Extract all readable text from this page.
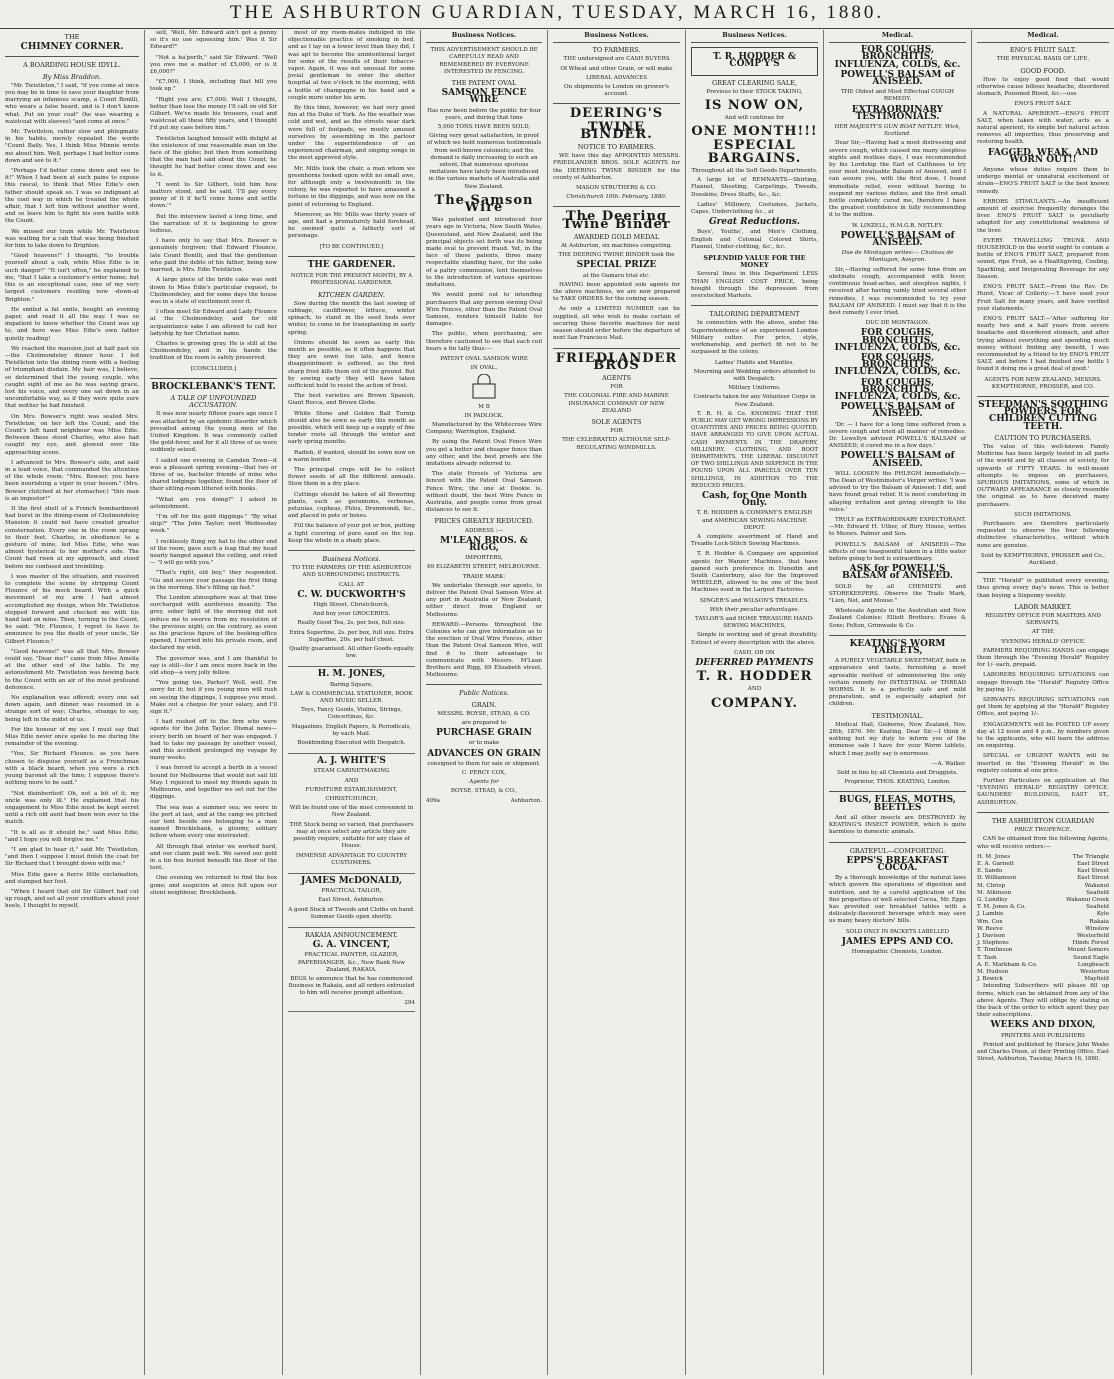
THE ASHBURTON GUARDIAN, TUESDAY, MARCH 16, 1880.
THE
CHIMNEY CORNER.
A BOARDING HOUSE IDYLL.
By Miss Braddon.

"Mr. Twistleton," I said, "if you come at once you may be in time to save your daughter from marrying an infamous scamp, a Count Bonilli, who wears a false beard, and is I don't know what. Put on your coat" (he was wearing a waistcoat with sleeves) "and come at once."

Mr. Twistleton, rather slow and phlegmatic in his habits, merely repeated the words "Count Baily. Yes, I think Miss Minnie wrote me about him. Well, perhaps I had better come down and see to it."

"Perhaps I'd better come down and see to it!" When I had been at such pains to expose this rascal, to think that Miss Edie's own father should speak so. I was so indignant at the cool way in which he treated the whole affair, that I left him without another word, and so leave him to fight his own battle with the Count.

We missed our train while Mr. Twistleton was waiting for a cab that was being finished for him to take down to Brighton.

"Good heavens!" I thought, "to trouble yourself about a cab, while Miss Edie is in such danger!" "It isn't often," he explained to me, "that I take a customer's order home; but this is an exceptional case, one of my very largest customers residing now -down-at Brighton."

He smiled a fat smile, bought an evening paper, and read it all the way. I was so impatient to know whether the Count was up to, and here was Miss Edie's own father quietly reading!

We reached the mansion just at half past six—the Cholmondeley dinner hour. I led Twistleton into the dining room with a feeling of triumphant disdain. My hair was, I believe, so determined that the young couple, who caught sight of me as he was saying grace, lost his voice, and every one sat down in an uncomfortable way, as if they were quite sure that neither he had finished.

On Mrs. Bowser's right was seated Mrs. Twistleton, on her left the Count; and the Count's left hand neighbour was Miss Edie. Between these stood Charles, who also had caught my eye, and glowed over the approaching scene.

I advanced to Mrs. Bowser's side, and said in a loud voice, that commanded the attention of the whole room: "Mrs. Bowser, you have been nourishing a viper in your bosom." (Mrs. Bowser clutched at her stomacher.) "this man is an impostor!"

If the first shell of a French bombardment had burst in the dining-room of Cholmondeley Mansion it could not have created greater consternation. Every one in the room sprang to their feet. Charles, in obedience to a gesture of mine, led Miss Edie, who was almost hysterical to her mother's side. The Count had risen at my approach, and stood before me confused and trembling.

I was master of the situation, and resolved to complete the scene by stripping Count Flounce of his mock beard. With a quick movement of my arm I had almost accomplished my design, when Mr. Twistleton stepped forward and checked me with his hand laid on mine. Then, turning to the Count, he said: "Mr. Flounce, I regret to have to announce to you the death of your uncle, Sir Gilbert Flounce."

"Good heavens!" was all that Mrs. Bowser could say. "Dear me!" came from Miss Amelia at the other end of the table. To my astonishment Mr. Twistleton was bowing back to the Count with an air of the most profound deference.

No explanation was offered; every one sat down again, and dinner was resumed in a strange sort of way; Charles, strange to say, being left in the midst of us.

For the honour of my sex I must say that Miss Edie never once spoke to me during the remainder of the evening.

"You, Sir Richard Flounce, as you have chosen to disguise yourself as a Frenchman with a black beard, when you were a rich young baronet all the time; I suppose there's nothing more to be said."

"Not disinherited! Oh, not a bit of it; my uncle was only ill." He explained that his engagement to Miss Edie must be kept secret until a rich old aunt had been won over to the match.

"It is all as it should be," said Miss Edie, "and I hope you will forgive me."

"I am glad to hear it," said Mr. Twistleton, "and then I suppose I must finish the coat for Sir Richard that I brought down with me."

Miss Edie gave a fierce little exclamation, and stamped her foot.

"When I heard that old Sir Gilbert had cut up rough, and set all your creditors about your heels, I thought to myself,

self, 'Well, Mr. Edward ain't got a penny so it's no use squeezing him.' Was it Sir Edward?"

"Not a ha'porth," said Sir Edward. "Well you owe me a matter of £5,000, or is it £6,000?"

"£7,000, I think, including that bill you took up."

"Right you are; £7,000. Well I thought, better than lose the money I'll call on old Sir Gilbert. We've made his trousers, coat and waistcoat all these fifty years, and I thought I'd put my case before him."

Twistleton laughed himself with delight at the existence of one reasonable man on the face of the globe; but then from something that the man had said about the Count, he thought he had better come down and see to it.

"I went to Sir Gilbert, told him how matters stood, and he said, 'I'll pay every penny of it if he'll come home and settle down.'"

But the interview lasted a long time, and the narration of it is beginning to grow tedious.

I have only to say that Mrs. Bowser is genuinely forgiven; that Edward Flounce, late Count Bonilli, and that the gentleman who paid the debts of his father, being now married, is Mrs. Edie Twistleton.

A large piece of the bride cake was sent down to Miss Edie's particular request, to Cholmondeley, and for some days the house was in a state of excitement over it.

I often meet Sir Edward and Lady Flounce at the Cholmondeley, and for old acquaintance sake I am allowed to call her ladyship by her Christian name.

Charles is growing gray. He is still at the Cholmondeley, and in his hands the tradition of the room is safely preserved.

[CONCLUDED.]
BROCKLEBANK'S TENT.
A TALE OF UNFOUNDED ACCUSATION.

It was now nearly fifteen years ago since I was attacked by an epidemic disorder which prevailed among the young men of the United Kingdom. It was commonly called the gold-fever, and for it all three of us were suddenly seized.

I sailed one evening in Camden Town—it was a pleasant spring evening—that two or three of us, bachelor friends of mine who shared lodgings together, found the floor of their sitting-room littered with books.

"What are you doing?" I asked in astonishment.

"I'm off for the gold diggings." "By what ship?" "The John Taylor; next Wednesday week."

I recklessly flung my hat to the other end of the room, gave such a leap that my head nearly banged against the ceiling, and cried— "I will go with you."

"That's right, old boy," they responded. "Go and secure your passage the first thing in the morning. She's filling up fast."

The London atmosphere was at that time surcharged with auriferous insanity. The grey, sober light of the morning did not induce me to swerve from my resolution of the previous night; on the contrary, as soon as the gracious figure of the booking-office opened, I hurried into his private room, and declared my wish.

The governor was, and I am thankful to say is still—for I am once more back in the old shop—a very jolly fellow.

"You going too, Parker? Well, well, I'm sorry for it; but if you young men will rush on seeing the diggings, I suppose you must. Make out a cheque for your salary, and I'll sign it."

I had rushed off to the firm who were agents for the John Taylor. Dismal news—every berth on board of her was engaged. I had to take my passage by another vessel, and this accident prolonged my voyage by many weeks.

I was forced to accept a berth in a vessel bound for Melbourne that would not sail till May. I rejoiced to meet my friends again in Melbourne, and together we set out for the diggings.

The sea was a summer sea; we were in the port at last, and at the camp we pitched our tent beside one belonging to a man named Brocklebank, a gloomy, solitary fellow whom every one mistrusted.

All through that winter we worked hard, and our claim paid well. We saved our gold in a tin box buried beneath the floor of the tent.

One evening we returned to find the box gone; and suspicion at once fell upon our silent neighbour, Brocklebank.

most of my room-mates indulged in the objectionable practice of smoking in bed, and as I lay on a lower level than they did, I was apt to become the unintentional target for some of the results of their tobacco-vapor. Again, it was not unusual for some jovial gentleman to enter the shelter hospital at two o'clock in the morning, with a bottle of champagne in his hand and a couple more under his arm.

By this time, however, we had very good fun at the Duke of York. As the weather was cold and wet, and as the streets near dark were full of footpads, we mostly amused ourselves by assembling in the parlour under the superintendence of an experienced chairman, and singing songs in the most approved style.

Mr. Mills took the chair, a man whom we greenhorns looked upon with no small awe, for although only a twelvemonth in the colony, he was reported to have amassed a fortune in the diggings, and was now on the point of returning to England.

Moreover, as Mr. Mills was thirty years of age, and had a prematurely bald forehead, he seemed quite a fatherly sort of personage.

[TO BE CONTINUED.]
THE GARDENER.
NOTICE FOR THE PRESENT MONTH, BY A PROFESSIONAL GARDENER.
KITCHEN GARDEN.

Sow during the month the last sowing of cabbage, cauliflower, lettuce, winter spinach, to stand in the seed beds over winter, to come in for transplanting in early spring.

Onions should be sown as early this month as possible, as it often happens that they are sown too late, and hence disappointment is suffered, as the first sharp frost kills them out of the ground. But by sowing early they will have taken sufficient hold to resist the action of frost.

The best varieties are Brown Spanish, Giant Rocca, and Brown Globe.

White Stone and Golden Ball Turnip should also be sown as early this month as possible, which will keep up a supply of fine tender roots all through the winter and early spring months.

Radish, if wanted, should be sown now on a warm border.

The principal crops will be to collect flower seeds of all the different annuals. Stow them in a dry place.

Cuttings should be taken of all flowering plants, such as geraniums, verbenas, petunias, cupheas, Phlox, Drummondi, &c., and placed in pots or boxes.

Fill the balance of your pot or box, putting a light covering of pure sand on the top. Keep the whole in a shady place.

Business Notices.
TO THE FARMERS OF THE ASHBURTON AND SURROUNDING DISTRICTS.
CALL AT
C. W. DUCKWORTH'S
High Street, Christchurch,
And buy your GROCERIES.
Really Good Tea, 2s. per box, full size.
Extra Superfine, 2s. per box, full size. Extra Superfine, 20s. per half chest.
Quality guaranteed. All other Goods equally low.
H. M. JONES,
Baring Square,
LAW & COMMERCIAL STATIONER, BOOK AND MUSIC SELLER.
Toys, Fancy Goods, Violins, Strings, Concertinas, &c.
Magazines, English Papers, & Periodicals, by each Mail.
Bookbinding Executed with Despatch.
A. J. WHITE'S
STEAM CABINETMAKING
AND
FURNITURE ESTABLISHMENT,
CHRISTCHURCH,
Will be found one of the most convenient in New Zealand.
THE Stock being so varied, that purchasers may at once select any article they are possibly require, suitable for any class of House.
IMMENSE ADVANTAGE TO COUNTRY CUSTOMERS.
JAMES McDONALD,
PRACTICAL TAILOR,
East Street, Ashburton.
A good Stock of Tweeds and Cloths on hand. Summer Goods open shortly.
RAKAIA ANNOUNCEMENT.
G. A. VINCENT,
PRACTICAL PAINTER, GLAZIER, PAPERHANGER, &c., New Bank New Zealand, RAKAIA.
BEGS to announce that he has commenced Business in Rakaia, and all orders entrusted to him will receive prompt attention.
294
Business Notices.
THIS ADVERTISEMENT SHOULD BE CAREFULLY READ AND REMEMBERED BY EVERYONE INTERESTED IN FENCING.
THE PATENT OVAL
SAMSON FENCE WIRE
Has now been before the public for four years, and during that time
5,000 TONS HAVE BEEN SOLD,
Giving very great satisfaction, in proof of which we hold numerous testimonials from well-known colonists; and the demand is daily increasing to such an extent, that numerous spurious imitations have lately been introduced in the various markets of Australia and New Zealand.
The Samson Wire

Was patented and introduced four years ago in Victoria, New South Wales, Queensland, and New Zealand; and the principal objects set forth was its being made oval to prevent fraud. Yet, in the face of these patents, three many respectable standing have, for the sake of a paltry commission, lent themselves to the introduction of various spurious imitations.

We would point out to intending purchasers that any person owning Oval Wire Fences, other than the Patent Oval Samson, renders himself liable for damages.

The public, when purchasing, are therefore cautioned to see that each coil bears a tin tally thus:—

PATENT OVAL SAMSON WIRE
IN OVAL.
M B
IN PADLOCK.

Manufactured by the Whitecross Wire Company, Warrington, England.

By using the Patent Oval Fence Wire you get a better and cheaper fence than any other, and the best proofs are the imitations already referred to.

The state Forests of Victoria are fenced with the Patent Oval Samson Fence Wire; the one at Dookie is, without doubt, the best Wire Fence in Australia, and people come from great distances to see it.

PRICES GREATLY REDUCED.
ADDRESS :—
M'LEAN BROS. & RIGG,
IMPORTERS,
69 ELIZABETH STREET, MELBOURNE.
TRADE MARK:

We undertake through our agents, to deliver the Patent Oval Samson Wire at any port in Australia or New Zealand, either direct from England or Melbourne.

REWARD.—Persons throughout the Colonies who can give information as to the erection of Oval Wire Fences, other than the Patent Oval Samson Wire, will find it to their advantage to communicate with Messrs. M'Lean Brothers and Rigg, 69 Elizabeth street, Melbourne.

Public Notices.
GRAIN.
MESSRS. ROYSE, STEAD, & CO.
are prepared to
PURCHASE GRAIN
or to make
ADVANCES ON GRAIN
consigned to them for sale or shipment.
C. PERCY COX,
Agents for
ROYSE, STEAD, & CO.,
499a	Ashburton.
Business Notices.
TO FARMERS.
THE undersigned are CASH BUYERS
Of Wheat and other Grain, or will make
LIBERAL ADVANCES
On shipments to London on grower's account.
DEERING'S
TWINE BINDER.
NOTICE TO FARMERS.

WE have this day APPOINTED MESSRS. FRIEDLANDER BROS. SOLE AGENTS for the DEERING TWINE BINDER for the county of Ashburton.

MASON STRUTHERS & CO.
Christchurch 10th. February, 1880.
The Deering Twine Binder
AWARDED GOLD MEDAL
At Ashburton, six machines competing.
THE DEERING TWINE BINDER took the
SPECIAL PRIZE
at the Oamaru trial etc.

HAVING been appointed sole agents for the above machines, we are now prepared to TAKE ORDERS for the coming season.

As only a LIMITED NUMBER can be supplied, all who wish to make certain of securing these favorite machines for next season should order before the departure of next San Francisco Mail.

FRIEDLANDER BROS
AGENTS
FOR
THE COLONIAL FIRE AND MARINE INSURANCE COMPANY OF NEW ZEALAND
SOLE AGENTS
FOR
THE CELEBRATED ALTHOUSE SELF-REGULATING WINDMILLS.
Business Notices.
T. R. HODDER & COMP'Y'S
GREAT CLEARING SALE,
Previous to their STOCK TAKING,
IS NOW ON,
And will continue for
ONE MONTH!!!
ESPECIAL
BARGAINS.
Throughout all the Soft Goods Departments.

A large lot of REMNANTS—Shirting, Flannel, Sheeting, Carpetings, Tweeds, Doeskins, Dress Stuffs, &c., &c.

Ladies' Millinery, Costumes, Jackets, Capes, Underclothing &c., at

Great Reductions.

Boys', Youths', and Men's Clothing, English and Colonial Colored Shirts, Flannel, Under-clothing, &c., &c.

SPLENDID VALUE FOR THE MONEY

Several lines in this Department LESS THAN ENGLISH COST PRICE, being bought through the depression from overstocked Markets.

TAILORING DEPARTMENT

In connection with the above, under the Superintendence of an experienced London Military cutter. For price, style, workmanship, and perfect fit not to be surpassed in the colony.

Ladies' Habits and Mantles.
Mourning and Wedding orders attended to with Despatch.
Military Uniforms.
Contracts taken for any Volunteer Corps in New Zealand.

T. R. H. & Co. KNOWING THAT THE PUBLIC MAY GET WRONG IMPRESSIONS BY QUANTITIES AND PRICES BEING QUOTED, HAVE ARRANGED TO GIVE UPON ACTUAL CASH PAYMENTS IN THE DRAPERY, MILLINERY, CLOTHING, AND BOOT DEPARTMENTS, THE LIBERAL DISCOUNT OF TWO SHILLINGS AND SIXPENCE IN THE POUND UPON ALL PARCELS OVER TEN SHILLINGS, IN ADDITION TO THE REDUCED PRICES.

Cash, for One Month Only.
T. R. HODDER & COMPANY'S ENGLISH and AMERICAN SEWING MACHINE DEPOT.

A complete assortment of Hand and Treadle Lock-Stitch Sewing Machines.

T. R. Hodder & Company are appointed agents for Wanzer Machines, that have gained such preference in Dunedin and South Canterbury, also for the Improved WHEELER, allowed to be one of the best Machines used in the Largest Factories.

SINGER'S and WILSON'S TREADLES.
With their peculiar advantages.
TAYLOR'S and HOME TREASURE HAND-SEWING MACHINES,

Simple in working and of great durability. Extract of every description with the above.

CASH, OR ON
DEFERRED PAYMENTS
T. R. HODDER
AND
COMPANY.
Medical.
FOR COUGHS, BRONCHITIS, INFLUENZA, COLDS, &c.
POWELL'S BALSAM of ANISEED.
THE Oldest and Most Effectual COUGH REMEDY.
EXTRAORDINARY TESTIMONIALS.
HER MAJESTY'S GUN BOAT NETLEY. Wick, Scotland.

Dear Sir,—Having had a most distressing and severe cough, which caused me many sleepless nights and restless days, I was recommended by his Lordship the Earl of Caithness to try your most invaluable Balsam of Aniseed, and I can assure you, with the first dose, I found immediate relief, even without having to suspend my various duties; and the first small bottle completely cured me, therefore I have the greatest confidence in fully recommending it to the million.

W. LINZELL, H.M.G.B. NETLEY.
POWELL'S BALSAM of ANISEED.
Due de Montagon writes:— Chateau de Montagon, Aveyron.

Sir,—Having suffered for some time from an obstinate cough, accompanied with fever, continuous head-aches, and sleepless nights, I received after having vainly tried several other remedies, I was recommended to try your BALSAM OF ANISEED. I must say that it is the best remedy I ever tried.

DUC DE MONTAGON.
FOR COUGHS, BRONCHITIS, INFLUENZA, COLDS, &c.
FOR COUGHS, BRONCHITIS, INFLUENZA, COLDS, &c.
FOR COUGHS, BRONCHITIS, INFLUENZA, COLDS, &c.
POWELL'S BALSAM of ANISEED.

'Dr. — I have for a long time suffered from a severe cough and tried all manner of remedies. Dr. Lewellyn advised POWELL'S BALSAM of ANISEED; it cured me in a few days.'

POWELL'S BALSAM of ANISEED.

WILL LOOSEN the PHLEGM immediately.—The Dean of Westminster's Verger writes: 'I was advised to try the Balsam of Aniseed; I did, and have found great relief. It is most comforting in allaying irritation and giving strength to the voice.'

TRULY an EXTRAORDINARY EXPECTORANT.—Mr. Edward H. Uther, of Bury House, writes to Messrs. Palmer and Son.

POWELL'S BALSAM of ANISEED.—The effects of one teaspoonful taken in a little water before going to bed is extraordinary.

ASK for POWELL'S BALSAM of ANISEED.

SOLD by all CHEMISTS and STOREKEEPERS. Observe the Trade Mark, "Lion, Net, and Mouse."

Wholesale Agents in the Australian and New Zealand Colonies: Elliott Brothers; Evans & Sons; Felton, Grimwade & Co.

KEATING'S WORM TABLETS,

A PURELY VEGETABLE SWEETMEAT, both in appearance and taste, furnishing a most agreeable method of administering the only certain remedy for INTESTINAL or THREAD WORMS. It is a perfectly safe and mild preparation, and is especially adapted for children.

TESTIMONIAL.

Medical Hall, Gisborne, New Zealand, Nov. 28th, 1876. Mr. Keating. Dear Sir,—I think it nothing but my duty to inform you of the immense sale I have for your Worm tablets, which I may justly say is enormous.

—A. Walker.
Sold in tins by all Chemists and Druggists.
Proprietor, THOS. KEATING, London.
BUGS, FLEAS, MOTHS, BEETLES

And all other insects are DESTROYED by KEATING'S INSECT POWDER, which is quite harmless to domestic animals.

GRATEFUL—COMFORTING.
EPPS'S BREAKFAST COCOA.

By a thorough knowledge of the natural laws which govern the operations of digestion and nutrition, and by a careful application of the fine properties of well selected Cocoa, Mr. Epps has provided our breakfast tables with a delicately-flavoured beverage which may save us many heavy doctors' bills.

SOLD ONLY IN PACKETS LABELLED
JAMES EPPS AND CO.
Homœpathic Chemists, London.
Medical.
ENO'S FRUIT SALT.
THE PHYSICAL BASIS OF LIFE.
GOOD FOOD.

How to enjoy good food that would otherwise cause bilious headache, disordered stomach, Poisoned Blood, &c.—use

ENO'S FRUIT SALT.

A NATURAL APERIENT.—ENO'S FRUIT SALT, when taken with water, acts as a natural aperient, its simple but natural action removes all impurities, thus preserving and restoring health.

FAGGED, WEAK, AND WORN OUT!!

Anyone whose duties require them to undergo mental or unnatural excitement or strain—ENO'S FRUIT SALT is the best known remedy.

ERRORS STIMULANTS.—An insufficient amount of exercise frequently deranges the liver. ENO'S FRUIT SALT is peculiarly adapted for any constitutional weakness of the liver.

EVERY TRAVELLING TRUNK AND HOUSEHOLD in the world ought to contain a bottle of ENO'S FRUIT SALT, prepared from sound, ripe Fruit, as a Healthgiving, Cooling, Sparkling, and Invigorating Beverage for any Season.

ENO'S FRUIT SALT.—From the Rev. Dr. Hurst, Vicar of Collerly:—'I have used your Fruit Salt for many years, and have verified your statements.'

ENO'S FRUIT SALT.—'After suffering for nearly two and a half years from severe headache and disordered stomach, and after trying almost everything and spending much money without finding any benefit, I was recommended by a friend to try ENO'S FRUIT SALT, and before I had finished one bottle I found it doing me a great deal of good.'

AGENTS FOR NEW ZEALAND, MESSRS. KEMPTHORNE, PROSSER, and CO.
STEEDMAN'S SOOTHING POWDERS FOR CHILDREN CUTTING TEETH.
CAUTION TO PURCHASERS.

The value of this well-known Family Medicine has been largely tested in all parts of the world and by all classes of society, for upwards of FIFTY YEARS. In well-meant attempts to impose on purchasers, SPURIOUS IMITATIONS, some of which in OUTWARD APPEARANCE so closely resemble the original as to have deceived many purchasers.

SUCH IMITATIONS.

Purchasers are therefore particularly requested to observe the four following distinctive characteristics, without which none are genuine.

Sold by KEMPTHORNE, PROSSER and Co., Auckland.

THE "Herald" is published every evening, thus giving every day's news. This is better than buying a Sixpenny weekly.

LABOR MARKET.
REGISTRY OFFICE FOR MASTERS AND SERVANTS,
AT THE
'EVENING HERALD' OFFICE.

FARMERS REQUIRING HANDS can engage them through the "Evening Herald" Registry for 1/- each, prepaid.

LABORERS REQUIRING SITUATIONS can engage through the "Herald" Registry Office by paying 1/-.

SERVANTS REQUIRING SITUATIONS can get them by applying at the "Herald" Registry Office, and paying 1/-.

ENGAGEMENTS will be POSTED UP every day at 12 noon and 4 p.m., by numbers given to the applicants, who will learn the address on enquiring.

SPECIAL or URGENT WANTS will be inserted in the "Evening Herald" in the registry column at one price.

Further Particulars on application at the "EVENING HERALD" REGISTRY OFFICE. SAUNDERS' BUILDINGS, EAST ST., ASHBURTON.

THE ASHBURTON GUARDIAN
PRICE TWOPENCE,

CAN be obtained from the following Agents, who will receive orders:—

H. M. Jones	The Triangle
E. A. Garnett	East Street
E. Sando	East Street
D. Williamson	East Street
M. Chrisp	Wakanui
M. Atkinson	Seafield
G. Lundley	Wakanui Creek
T. M. Jones & Co.	Seafield
J. Lambie	Kyle
Wm. Cox	Rakaia
W. Reeve	Winslow
J. Davison	Westerfield
J. Stephens	Hinds Forest
T. Tomlinson	Mount Somers
T. Tash	Sound Eagle
A. E. Markham & Co.	Longbeach
M. Hudson	Westerton
J. Bowick	Mayfield

Intending Subscribers will please fill up forms, which can be obtained from any of the above Agents. They will oblige by stating on the back of the order to which agent they pay their subscriptions.

WEEKS AND DIXON,
PRINTERS AND PUBLISHERS

Printed and published by Horace John Weeks and Charles Dixon, at their Printing Office, East Street, Ashburton, Tuesday, March 16, 1880.
